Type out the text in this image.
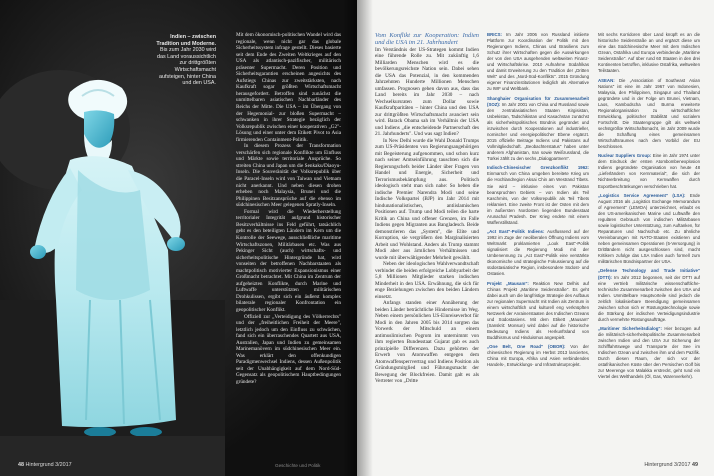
Indien – zwischen Tradition und Moderne. Bis zum Jahr 2030 wird das Land voraussichtlich zur drittgrößten Wirtschaftsmacht aufsteigen, hinter China und den USA.

Mit dem ökonomisch-politischen Wandel wird das regionale, wenn nicht gar das globale Sicherheitssystem infrage gestellt. Dieses basierte seit dem Ende des Zweiten Weltkrieges auf den USA als atlantisch-pazifischer, militärisch präsenter Supermacht. Deren Position und Sicherheitsgarantien erscheinen angesichts des Aufstiegs Chinas zur zweitstärksten, nach Kaufkraft sogar größten Wirtschaftsmacht herausgefordert. Betroffen sind zunächst die unmittelbaren asiatischen Nachbarländer des Reichs der Mitte. Die USA – im Übergang von der Hegemonial- zur bloßen Supermacht – schwanken in ihrer Strategie bezüglich der Volksrepublik zwischen einer kooperativen „G2"-Lösung und einer unter dem Etikett Pivot to Asia firmierenden Containment-Politik.

In diesem Prozess der Transformation verschärfen sich regionale Konflikte um Einfluss und Märkte sowie territoriale Ansprüche. So streiten China und Japan um die Senkaku/Diaoyu-Inseln. Die Souveränität der Volksrepublik über die Paracel-Inseln wird von Taiwan und Vietnam nicht anerkannt. Und neben diesen drohen erheben noch Malaysia, Brunei und die Philippinen Besitzansprüche auf die ebenso im südchinesischen Meer gelegenen Spratly-Inseln.

Formal wird die Wiederherstellung territorialer Integrität aufgrund historischer Besitzverhältnisse ins Feld geführt, tatsächlich geht es den beteiligten Ländern im Kern um die Kontrolle der Seewege, ausschließliche maritime Wirtschaftszonen, Militärbasen etc. Was aus Pekinger Sicht (auch) wirtschafts- und sicherheitspolitische Hintergründe hat, wird vonseiten der betroffenen Nachbarstaaten als machtpolitisch motivierter Expansionismus einer Großmacht betrachtet. Mit China im Zentrum der aufgeheizten Konflikte, durch Marine und Luftwaffe unterstützten militärischen Drohkulissen, ergibt sich ein äußerst komplex bilaterale regionaler Konfrontation ein geopolitischer Konflikt.

Offiziell zur „Verteidigung des Völkerrechts" und der „freiheitlichen Freiheit der Meere", letztlich jedoch um den Einfluss zu schwächen, fand sich ein überraschendes Quartett aus USA, Australien, Japan und Indien zu gemeinsamen Marinemanövern im südchinesischen Meer ein. Was erklärt den offenkundigen Paradigmenwechsel Indiens, dessen Außenpolitik seit der Unabhängigkeit auf dem Nord-Süd-Gegensatz als geopolitischem Hauptbedingungen gründete?

48 Hintergrund 3/2017	Geschichte und Politik

Vom Konflikt zur Kooperation: Indien und die USA im 21. Jahrhundert

Im Verständnis der US-Strategen kommt Indien eine führende Rolle zu. Mit zukünftig 1,6 Milliarden Menschen wird es die bevölkerungsreichste Nation sein. Dabei sehen die USA das Potenzial, in den kommenden Jahrzehnten Hunderte Millionen Menschen umfassen. Prognosen gehen davon aus, dass das Land bereits im Jahr 2030 – nach Wechselkursraten zum Dollar sowie Kaufkraftparitäten – hinter China und den USA zur drittgrößten Wirtschaftsmacht avanciert sein wird. Barack Obama sah im Verhältnis der USA und Indiens „die entscheidende Partnerschaft des 21. Jahrhunderts". Und was sagt Indien?

In New Delhi wurde die Wahl Donald Trumps zum US-Präsidenten von Regierungsangehörigen mit Begeisterung aufgenommen, und schon kurz nach seiner Amtseinführung tauschten sich die Regierungschefs beider Länder über Fragen von Handel und Energie, Sicherheit und Terrorismusbekämpfung aus. Politisch ideologisch steht man sich nahe: So heben die indische Premier Narendra Modi und seine Indische Volkspartei (BJP) im Jahr 2014 mit hindunationalistischen, antiislamischen Positionen auf. Trump und Modi teilen die harte Kritik an China und offener Grenzen, im Falle Indiens gegen Migranten aus Bangladesch. Beide demonstrieren das „System", die Elite und Korruption, sie vergrößern den Marginalisierten Arbeit und Wohlstand. Anders als Trump stammt Modi aber aus ärmlichen Verhältnissen und wurde mit überwältigender Mehrheit gewählt.

Neben der ideologischen Wahlverwandtschaft verbindet die beiden erfolgreiche Lobbyarbeit der 5,8 Millionen Mitglieder starken indischen Minderheit in den USA. Erwähnung, die sich für enge Beziehungen zwischen den beiden Ländern einsetzt.

Anfangs standen einer Annäherung der beiden Länder beträchtliche Hindernisse im Weg. Neben einem persönlichen US-Einreiseverbot für Modi in den Jahren 2005 bis 2014 sorgten das Vorwerk der Mitschuld an einem antimuslimischen Pogrom im unternimmt von ihm regierten Bundesstaat Gujarat gab es auch prinzipielle Differenzen. Dazu gehörten der Erwerb von Atomwaffen entgegen dem Atomwaffensperrvertrag und Indiens Position als Gründungsmitglied und Führungsmacht der Bewegung der Blockfreien. Damit galt es als Vertreter von „Dritte

BRICS: Im Jahr 2006 von Russland initiierte Plattform zur Koordination der Politik mit den Regierungen Indiens, Chinas und Brasiliens zum Schutz ihrer Wirtschaften gegen die Auswirkungen der von den USA ausgehenden weltweiten Finanz- und Wirtschaftskrise. 2010 Aufnahme Südafrikas und damit Erweiterung zu den Tradition der „Dritten Welt" und des „Nord-Süd-Konflikts". 2015 Gründung eigener Finanzinstitutionen lediglich als Alternative zu IWF und Weltbank.

Shanghaier Organisation für Zusammenarbeit (SOZ): Im Jahr 2001 von China und Russland sowie den zentralasiatischen Staaten Kirgisistan, Usbekistan, Tadschikistan und Kasachstan zunächst als sicherheitspolitisches Bündnis gegründet und inzwischen durch Kooperationen auf industrieller, nomischer und energiepolitischer Ebene ergänzt. 2015 offizielle Beitrage Indiens und Pakistans auf Vollmitgliedschaft. „Beobachterstatus" haben unter anderem Afghanistan, Iran sowie Weißrussland, die Türkei zählt zu den sechs „Dialogpartnern".

Indisch-Chinesischer Grenzkonflikt 1962: Einmarsch von China umgeben bereitete Krieg um die Hochlandregion Aksai Chin am Westrand Tibets. Sie wird – inklusive eines von Pakistan beanspruchten Gebiets – von Indien als Teil Kaschmirs, von der Volksrepublik als Teil Tibets reklamiert. Eine zweite Front ist der Osten mit dem im äußersten Nordosten liegenden Bundesstaat Arunachal Pradesh. Der Krieg endete mit einem Waffenstillstand.

„Act East"-Politik Indiens: Ausflussend auf der 1992 im Zuge der neoliberalen Öffnung Indiens vom Weltmarkt proklamierten „Look East"-Politik signalisiert die Regierung Modi mit der Umbenennung zu „Act East"-Politik eine verstärkte ökonomische und strategische Fokussierung auf die südostasiatische Region, insbesondere Südost- und Ostasien.

Projekt „Mausam": Reaktion New Delhis auf Chinas Projekt „Maritime Seidenstraße". Es geht dabei auch um die langfristige Strategie des Aufbaus zur regionalen Supermacht mit Indien als Zentrum in einem wirtschaftlich und kulturell eng verknüpften Netzwerk der Anrainerstaaten des Indischen Ozeans und Südostasiens. Mit dem Etikett „Mausam" (Sanskrit: Monsun) wird dabei auf die historische Bedeutung Indiens als Herkunftsland von Buddhismus und Hinduismus angespielt.

„One Belt, One Road" (OBOR): Von der chinesischen Regierung im Herbst 2013 lanciertes, China mit Europa, Afrika und Asien verbindendes Handels-, Entwicklungs- und Infrastrukturprojekt.

Mit sechs Korridoren über Land knüpft es an die historische Seidenstraße an und ergänzt diese um eine das Südchinesische Meer mit dem Indischen Ozean, Ostafrika und Europa verbindende „Maritime Seidenstraße". Auf über rund 60 Staaten in den drei Kontinenten betroffen, inklusive Ostafrika, weltweiten Teilstaaten.

ASEAN: Die „Association of Southeast Asian Nations" ist eine im Jahr 1967 von Indonesien, Malaysia, den Philippinen, Singapur und Thailand gegründete und in der Folge um Brunei, Vietnam, Laos, Kambodscha und Burma erweiterte Regionalorganisation zu wirtschaftlicher Entwicklung, politischer Stabilität und sozialem Fortschritt. Die Staatengruppe gilt als weltweit sechstgrößte Wirtschaftsmacht, im Jahr 2009 wurde die Schaffung eines gemeinsamen Wirtschaftsraumes nach dem Vorbild der EU beschlossen.

Nuclear Suppliers Group: Eine im Jahr 1974 unter dem Eindruck der ersten Atombombenexplosion Indiens gegründete Organisation von heute 48 „Lieferländern von Kernmaterial", die sich der Nichtverbreitung von Kernwaffen durch Exportbeschränkungen verschrieben hat.

„Logistics Service Agreement" (LSA): Ende August 2016 als „Logistics Exchange Memorandum of Agreement" (LEMOA) unterzeichnet, erlaubt es den US-amerikanischen Marine und Luftwaffe den regulären Gebrauch von indischen Militärbasen sowie logistischer Unterstützung, zum Auftanken, für Reparaturen und Nachschub etc. Zu ähnliche Vereinbarungen mit NATO-Staaten existieren und neben gemeinsamen Operationen (5-Versorgung) in Drittländern nicht ausgeschlossen sind, macht Kritikern zufolge das LSA Indien auch formell zum militärischen Bündnispartner der USA.

„Defense Technology and Trade Initiative" (DTTI): Im Jahr 2012 begonnen, seit der DTTI auf eine vertrieb militärische wissenschaftliche-technische Zusammenarbeit zwischen den USA und Indien. Unmittelbare Hauptvorteile sind jedoch die zeitlich lokalisierbare Beendigung gemeinsamen zwischen schon sich er Rüstungstechnologie sowie die Stärkung der indischen Verteidigungsindustrie durch vermehrte Rüstungsaufträge.

„Maritimer Sicherheitsdialog": Hier bezogen auf die militärisch-sicherheitspolitische Zusammenarbeit zwischen Indien und den USA zur Sicherung der Schifffahrtswege und Transporte der See im Indischen Ozean und zwischen ihm und dem Pazifik. Durch diesen Raum, der sich vor der ostafrikanischen Küste über den Persischen Golf bis zur Meerenge von Malakka erstreckt, geht rund ein Viertel des Welthandels (Öl, Gas, Warenverkehr).

Hintergrund 3/2017 49
